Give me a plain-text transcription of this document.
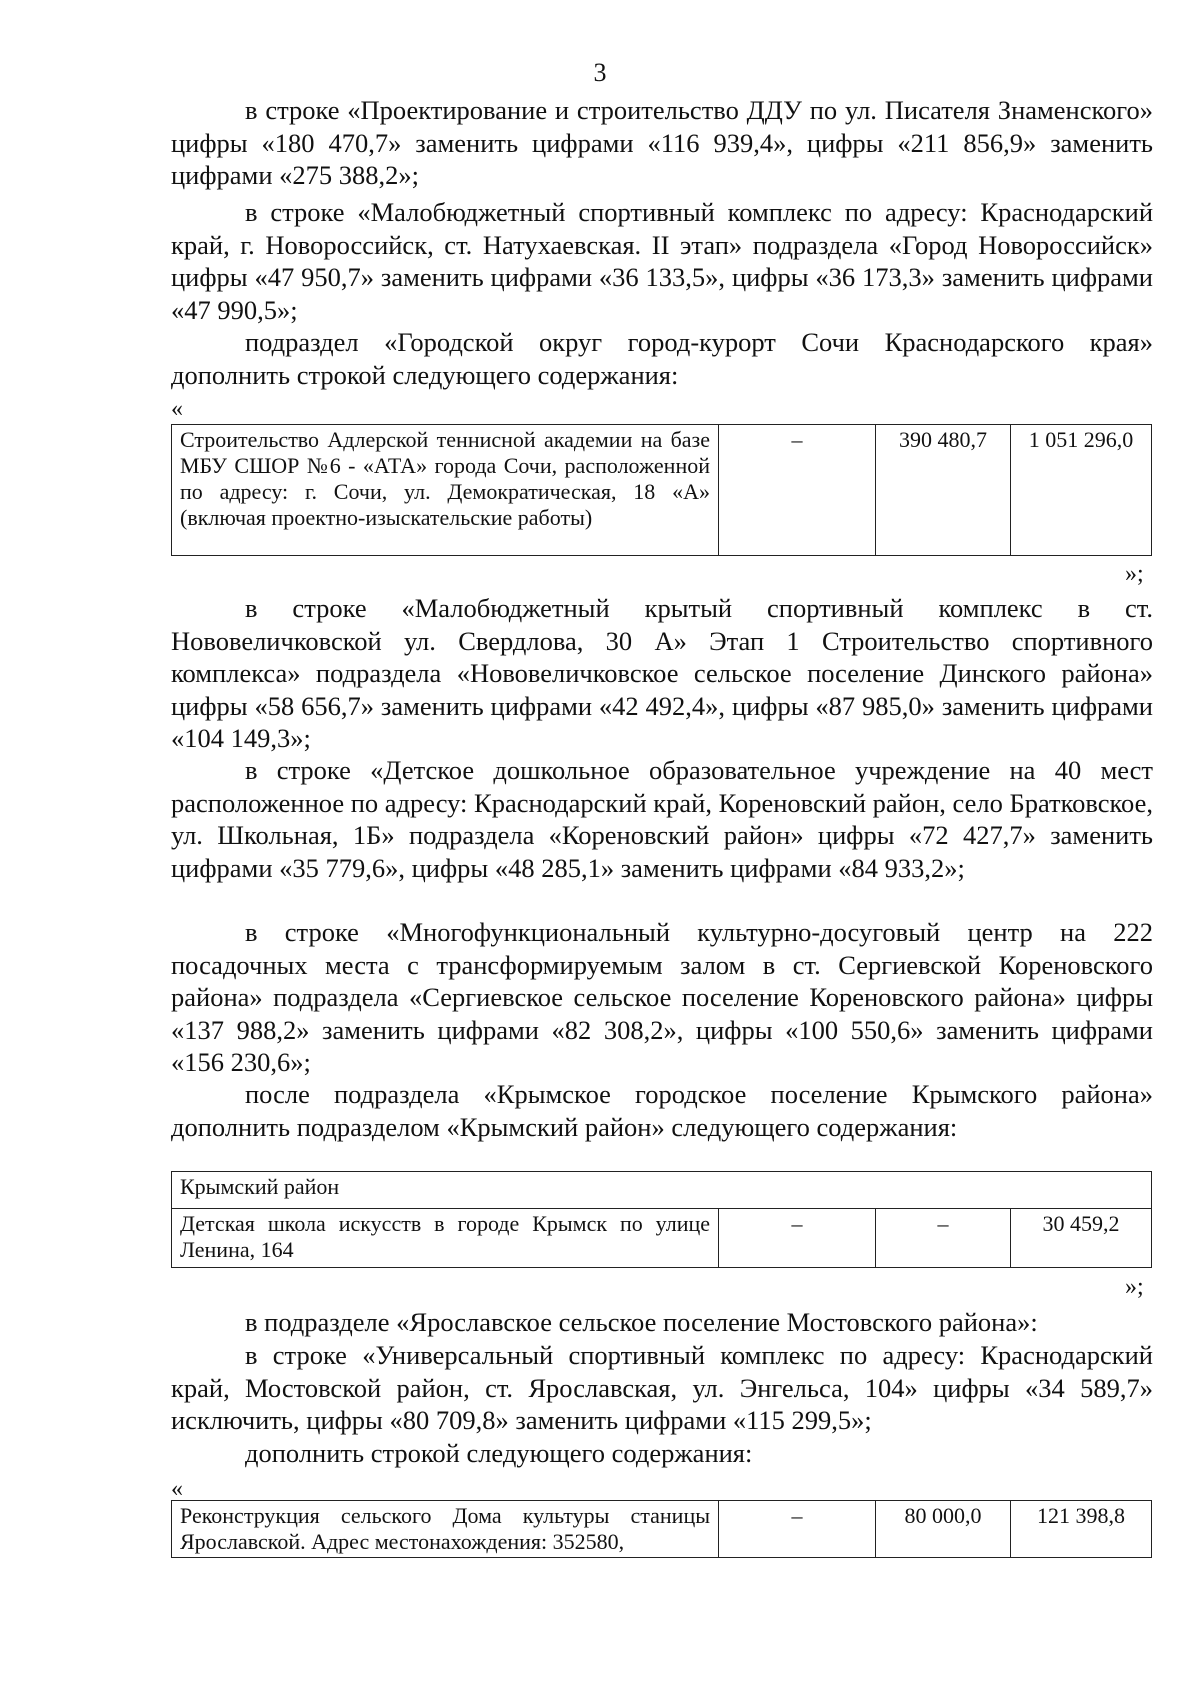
3

в строке «Проектирование и строительство ДДУ по ул. Писателя Знаменского» цифры «180 470,7» заменить цифрами «116 939,4», цифры «211 856,9» заменить цифрами «275 388,2»;

в строке «Малобюджетный спортивный комплекс по адресу: Краснодарский край, г. Новороссийск, ст. Натухаевская. II этап» подраздела «Город Новороссийск» цифры «47 950,7» заменить цифрами «36 133,5», цифры «36 173,3» заменить цифрами «47 990,5»;

подраздел «Городской округ город-курорт Сочи Краснодарского края» дополнить строкой следующего содержания:

«
Строительство Адлерской теннисной академии на базе МБУ СШОР №6 - «АТА» города Сочи, расположенной по адресу: г. Сочи, ул. Демократическая, 18 «А» (включая проектно-изыскательские работы)	–	390 480,7	1 051 296,0
»;

в строке «Малобюджетный крытый спортивный комплекс в ст. Нововеличковской ул. Свердлова, 30 А» Этап 1 Строительство спортивного комплекса» подраздела «Нововеличковское сельское поселение Динского района» цифры «58 656,7» заменить цифрами «42 492,4», цифры «87 985,0» заменить цифрами «104 149,3»;

в строке «Детское дошкольное образовательное учреждение на 40 мест расположенное по адресу: Краснодарский край, Кореновский район, село Братковское, ул. Школьная, 1Б» подраздела «Кореновский район» цифры «72 427,7» заменить цифрами «35 779,6», цифры «48 285,1» заменить цифрами «84 933,2»;

в строке «Многофункциональный культурно-досуговый центр на 222 посадочных места с трансформируемым залом в ст. Сергиевской Кореновского района» подраздела «Сергиевское сельское поселение Кореновского района» цифры «137 988,2» заменить цифрами «82 308,2», цифры «100 550,6» заменить цифрами «156 230,6»;

после подраздела «Крымское городское поселение Крымского района» дополнить подразделом «Крымский район» следующего содержания:

Крымский район
Детская школа искусств в городе Крымск по улице Ленина, 164	–	–	30 459,2
»;

в подразделе «Ярославское сельское поселение Мостовского района»:

в строке «Универсальный спортивный комплекс по адресу: Краснодарский край, Мостовской район, ст. Ярославская, ул. Энгельса, 104» цифры «34 589,7» исключить, цифры «80 709,8» заменить цифрами «115 299,5»;

дополнить строкой следующего содержания:

«
Реконструкция сельского Дома культуры станицы Ярославской. Адрес местонахождения: 352580,	–	80 000,0	121 398,8
